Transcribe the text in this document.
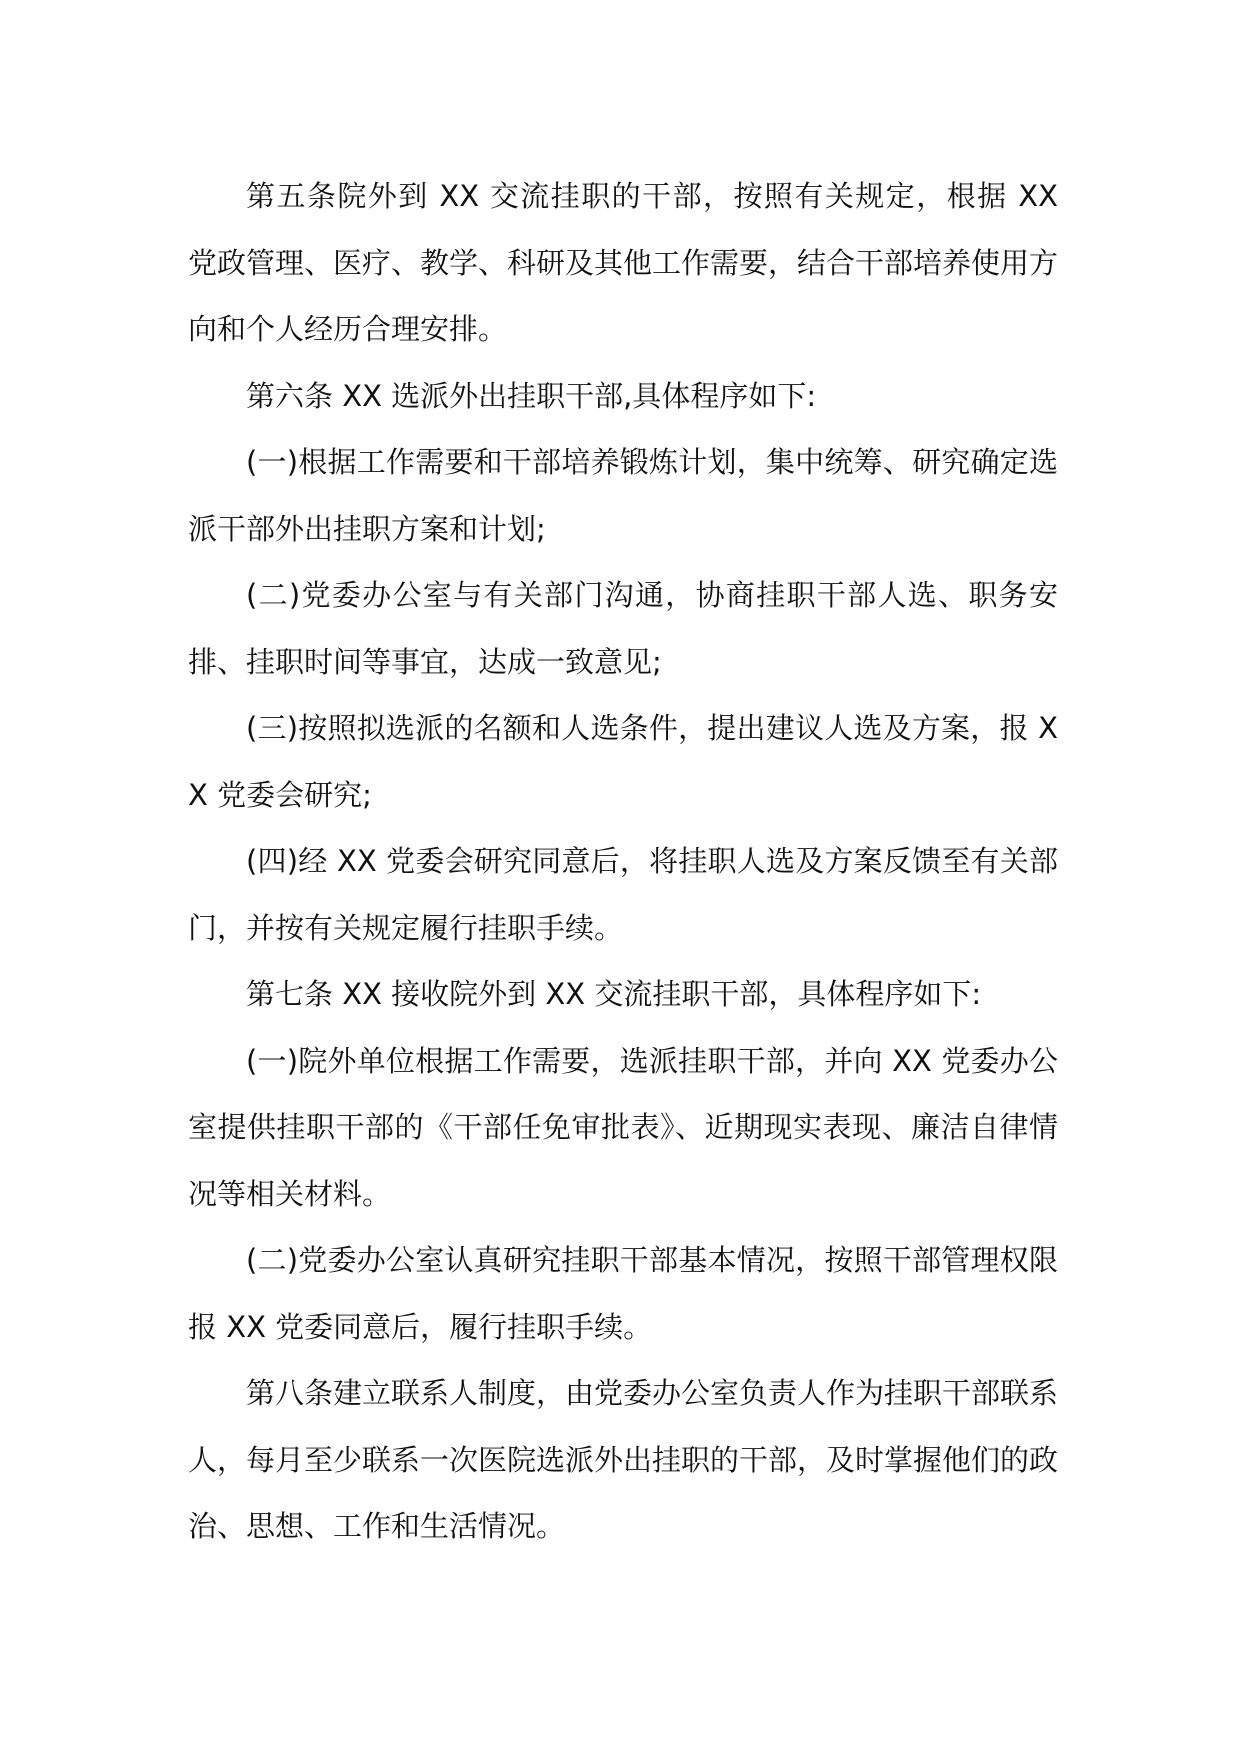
第五条院外到 XX 交流挂职的干部，按照有关规定，根据 XX 党政管理、医疗、教学、科研及其他工作需要，结合干部培养使用方向和个人经历合理安排。

第六条 XX 选派外出挂职干部,具体程序如下:

(一)根据工作需要和干部培养锻炼计划，集中统筹、研究确定选派干部外出挂职方案和计划;

(二)党委办公室与有关部门沟通，协商挂职干部人选、职务安排、挂职时间等事宜，达成一致意见;

(三)按照拟选派的名额和人选条件，提出建议人选及方案，报 XX 党委会研究;

(四)经 XX 党委会研究同意后，将挂职人选及方案反馈至有关部门，并按有关规定履行挂职手续。

第七条 XX 接收院外到 XX 交流挂职干部，具体程序如下:

(一)院外单位根据工作需要，选派挂职干部，并向 XX 党委办公室提供挂职干部的《干部任免审批表》、近期现实表现、廉洁自律情况等相关材料。

(二)党委办公室认真研究挂职干部基本情况，按照干部管理权限报 XX 党委同意后，履行挂职手续。

第八条建立联系人制度，由党委办公室负责人作为挂职干部联系人，每月至少联系一次医院选派外出挂职的干部，及时掌握他们的政治、思想、工作和生活情况。
